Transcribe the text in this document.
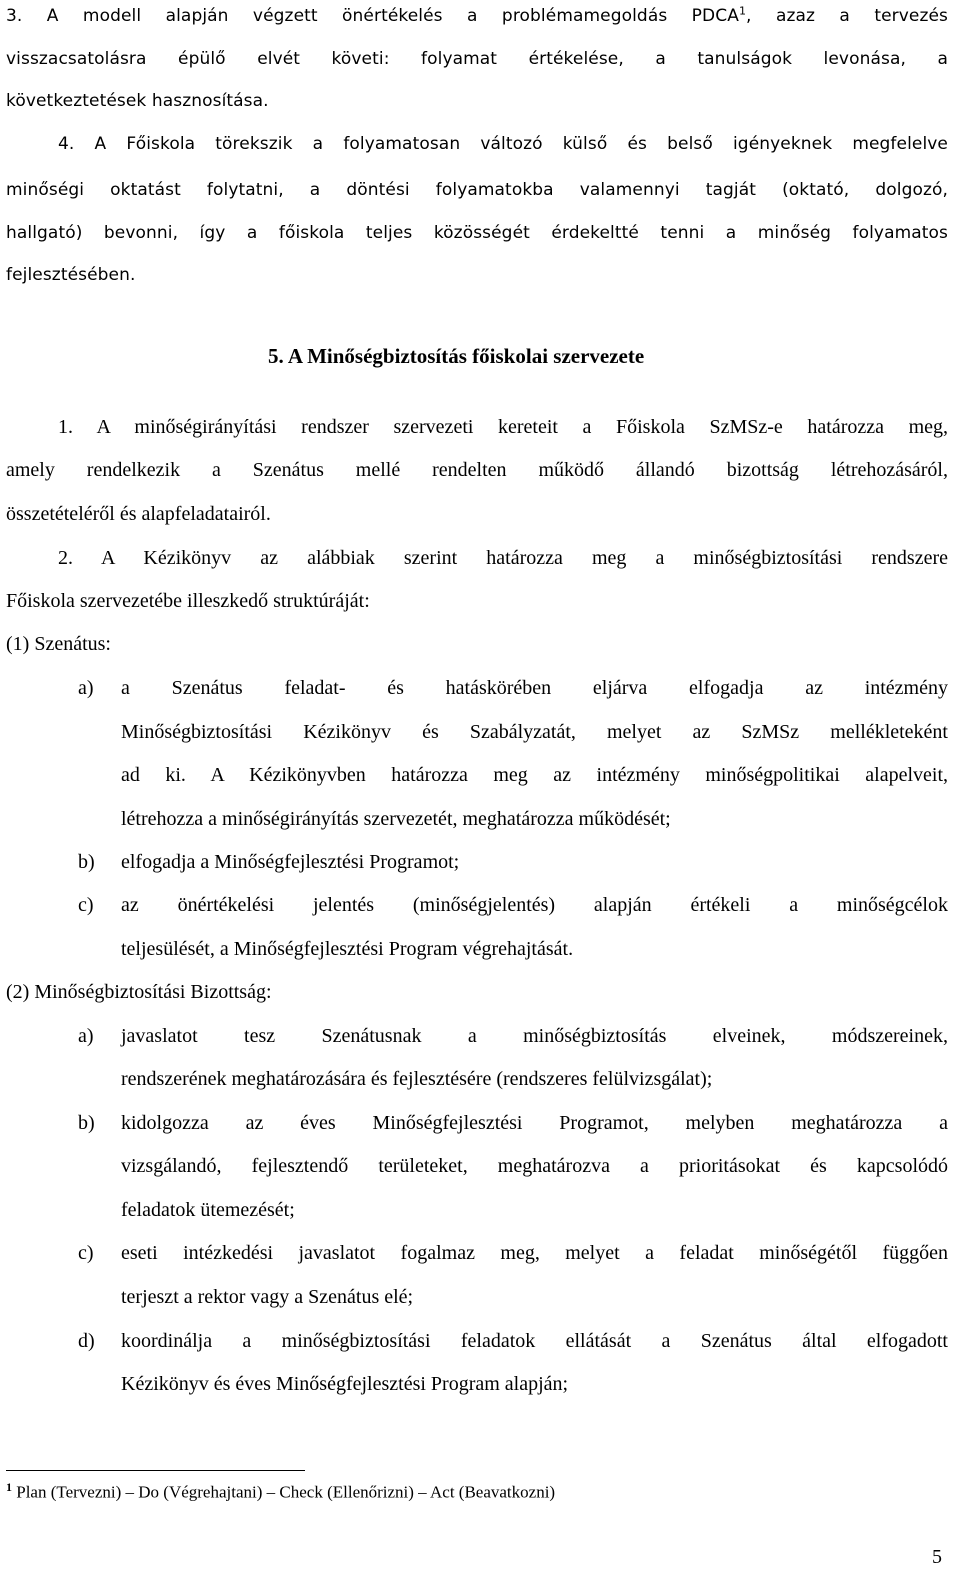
3. A modell alapján végzett önértékelés a problémamegoldás PDCA$^1$, azaz a tervezés
visszacsatolásra épülő elvét követi: folyamat értékelése, a tanulságok levonása, a
következtetések hasznosítása.
4. A Főiskola törekszik a folyamatosan változó külső és belső igényeknek megfelelve
minőségi oktatást folytatni, a döntési folyamatokba valamennyi tagját (oktató, dolgozó,
hallgató) bevonni, így a főiskola teljes közösségét érdekeltté tenni a minőség folyamatos
fejlesztésében.
5. A Minőségbiztosítás főiskolai szervezete
1. A minőségirányítási rendszer szervezeti kereteit a Főiskola SzMSz-e határozza meg,
amely rendelkezik a Szenátus mellé rendelten működő állandó bizottság létrehozásáról,
összetételéről és alapfeladatairól.
2. A Kézikönyv az alábbiak szerint határozza meg a minőségbiztosítási rendszere
Főiskola szervezetébe illeszkedő struktúráját:
(1) Szenátus:
a) a Szenátus feladat- és hatáskörében eljárva elfogadja az intézmény
Minőségbiztosítási Kézikönyv és Szabályzatát, melyet az SzMSz mellékleteként
ad ki. A Kézikönyvben határozza meg az intézmény minőségpolitikai alapelveit,
létrehozza a minőségirányítás szervezetét, meghatározza működését;
b) elfogadja a Minőségfejlesztési Programot;
c) az önértékelési jelentés (minőségjelentés) alapján értékeli a minőségcélok
teljesülését, a Minőségfejlesztési Program végrehajtását.
(2) Minőségbiztosítási Bizottság:
a) javaslatot tesz Szenátusnak a minőségbiztosítás elveinek, módszereinek,
rendszerének meghatározására és fejlesztésére (rendszeres felülvizsgálat);
b) kidolgozza az éves Minőségfejlesztési Programot, melyben meghatározza a
vizsgálandó, fejlesztendő területeket, meghatározva a prioritásokat és kapcsolódó
feladatok ütemezését;
c) eseti intézkedési javaslatot fogalmaz meg, melyet a feladat minőségétől függően
terjeszt a rektor vagy a Szenátus elé;
d) koordinálja a minőségbiztosítási feladatok ellátását a Szenátus által elfogadott
Kézikönyv és éves Minőségfejlesztési Program alapján;
$^1$ Plan (Tervezni) – Do (Végrehajtani) – Check (Ellenőrizni) – Act (Beavatkozni)
5
